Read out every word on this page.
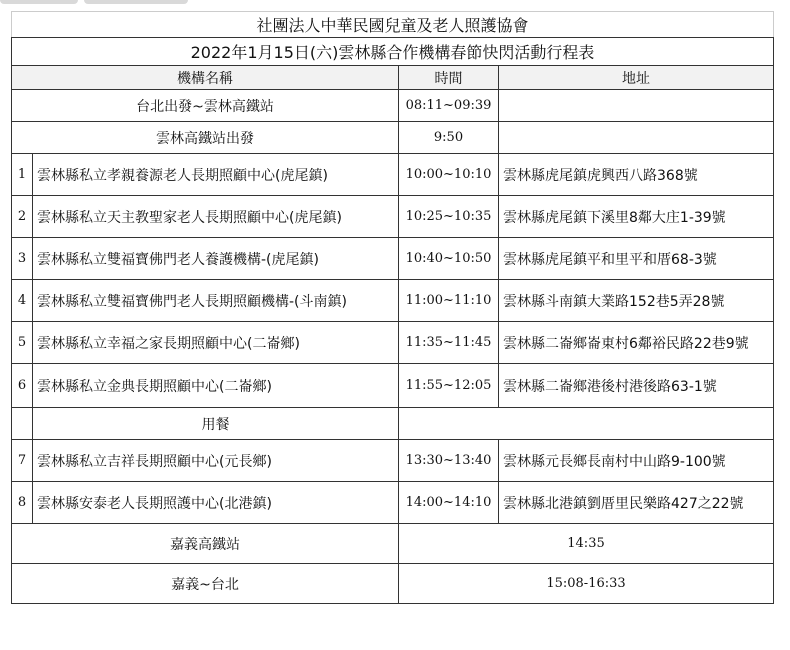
社團法人中華民國兒童及老人照護協會			
2022年1月15日(六)雲林縣合作機構春節快閃活動行程表			
機構名稱		時間	地址
台北出發~雲林高鐵站		08:11~09:39	
雲林高鐵站出發		9:50	
1	雲林縣私立孝親養源老人長期照顧中心(虎尾鎮)	10:00~10:10	雲林縣虎尾鎮虎興西八路368號
2	雲林縣私立天主教聖家老人長期照顧中心(虎尾鎮)	10:25~10:35	雲林縣虎尾鎮下溪里8鄰大庄1-39號
3	雲林縣私立雙福寶佛門老人養護機構-(虎尾鎮)	10:40~10:50	雲林縣虎尾鎮平和里平和厝68-3號
4	雲林縣私立雙福寶佛門老人長期照顧機構-(斗南鎮)	11:00~11:10	雲林縣斗南鎮大業路152巷5弄28號
5	雲林縣私立幸福之家長期照顧中心(二崙鄉)	11:35~11:45	雲林縣二崙鄉崙東村6鄰裕民路22巷9號
6	雲林縣私立金典長期照顧中心(二崙鄉)	11:55~12:05	雲林縣二崙鄉港後村港後路63-1號
	用餐		
7	雲林縣私立吉祥長期照顧中心(元長鄉)	13:30~13:40	雲林縣元長鄉長南村中山路9-100號
8	雲林縣安泰老人長期照護中心(北港鎮)	14:00~14:10	雲林縣北港鎮劉厝里民樂路427之22號
嘉義高鐵站		14:35	
嘉義~台北		15:08-16:33	
